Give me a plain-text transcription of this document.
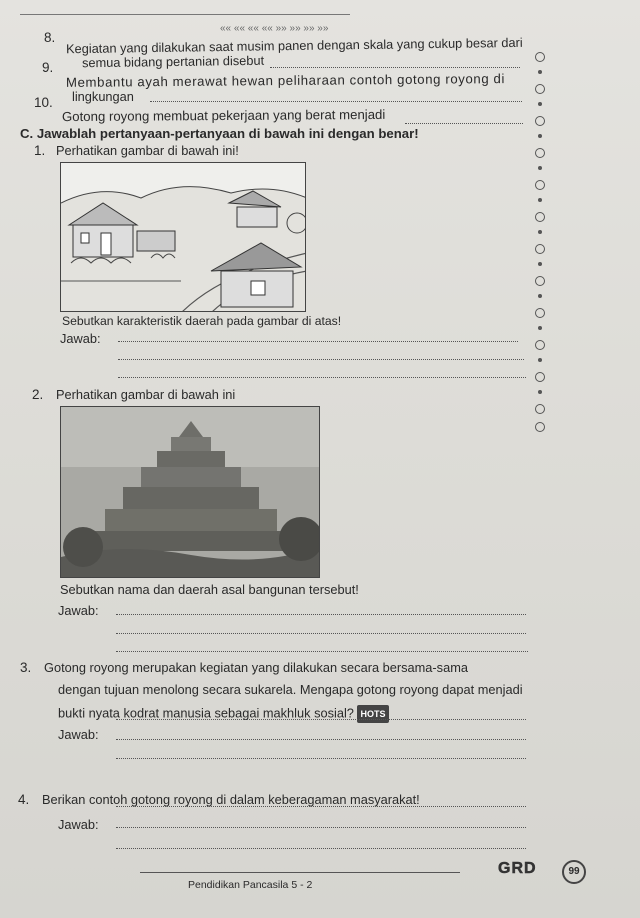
«« «« «« «« »» »» »» »»
8. Kegiatan yang dilakukan saat musim panen dengan skala yang cukup besar dari
semua bidang pertanian disebut
9.
Membantu ayah merawat hewan peliharaan contoh gotong royong di
lingkungan
10.
Gotong royong membuat pekerjaan yang berat menjadi
C. Jawablah pertanyaan-pertanyaan di bawah ini dengan benar!
1. Perhatikan gambar di bawah ini!
Sebutkan karakteristik daerah pada gambar di atas!
Jawab:
2. Perhatikan gambar di bawah ini
Sebutkan nama dan daerah asal bangunan tersebut!
Jawab:
3. Gotong royong merupakan kegiatan yang dilakukan secara bersama-sama
dengan tujuan menolong secara sukarela. Mengapa gotong royong dapat menjadi
bukti nyata kodrat manusia sebagai makhluk sosial? HOTS
Jawab:
4. Berikan contoh gotong royong di dalam keberagaman masyarakat!
Jawab:
Pendidikan Pancasila 5 - 2
GRD	99
